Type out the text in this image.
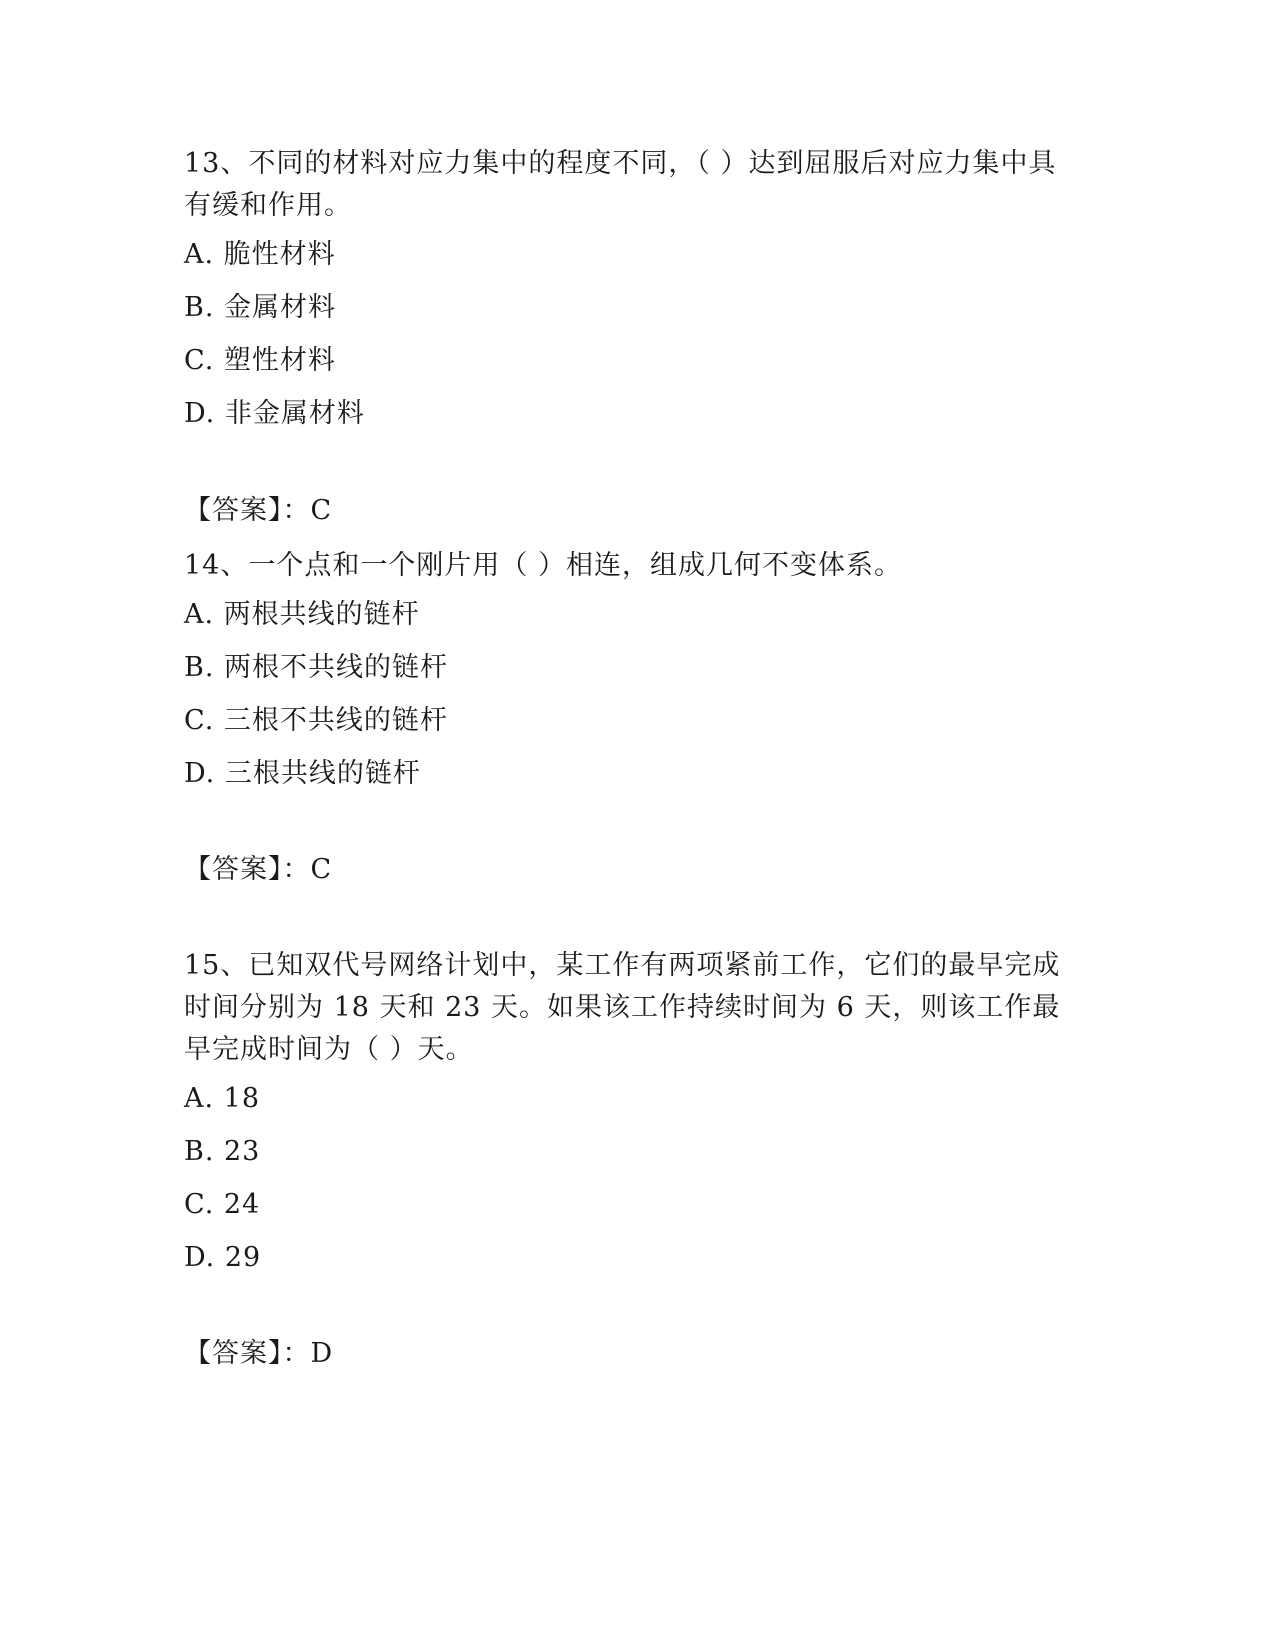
13、不同的材料对应力集中的程度不同，（ ）达到屈服后对应力集中具有缓和作用。

A. 脆性材料

B. 金属材料

C. 塑性材料

D. 非金属材料

【答案】：C

14、一个点和一个刚片用（ ）相连，组成几何不变体系。

A. 两根共线的链杆

B. 两根不共线的链杆

C. 三根不共线的链杆

D. 三根共线的链杆

【答案】：C

15、已知双代号网络计划中，某工作有两项紧前工作，它们的最早完成时间分别为 18 天和 23 天。如果该工作持续时间为 6 天，则该工作最早完成时间为（ ）天。

A. 18

B. 23

C. 24

D. 29

【答案】：D
